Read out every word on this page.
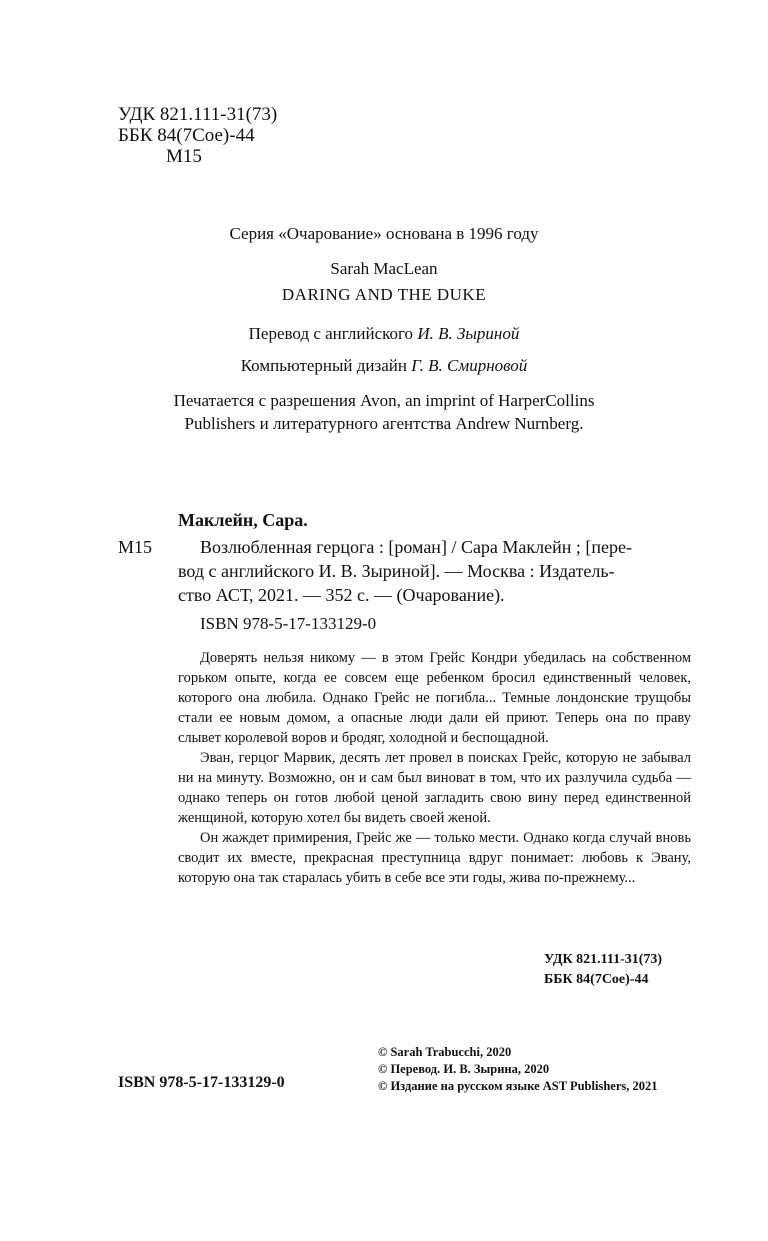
УДК 821.111-31(73)
ББК 84(7Сое)-44
М15
Серия «Очарование» основана в 1996 году
Sarah MacLean
DARING AND THE DUKE
Перевод с английского И. В. Зыриной
Компьютерный дизайн Г. В. Смирновой
Печатается с разрешения Avon, an imprint of HarperCollins
Publishers и литературного агентства Andrew Nurnberg.
Маклейн, Сара.
М15	Возлюбленная герцога : [роман] / Сара Маклейн ; [пере-
вод с английского И. В. Зыриной]. — Москва : Издатель-
ство АСТ, 2021. — 352 с. — (Очарование).
ISBN 978-5-17-133129-0

Доверять нельзя никому — в этом Грейс Кондри убедилась на собственном горьком опыте, когда ее совсем еще ребенком бросил единственный человек, которого она любила. Однако Грейс не погибла... Темные лондонские трущобы стали ее новым домом, а опасные люди дали ей приют. Теперь она по праву слывет королевой воров и бродяг, холодной и беспощадной.

Эван, герцог Марвик, десять лет провел в поисках Грейс, которую не забывал ни на минуту. Возможно, он и сам был виноват в том, что их разлучила судьба — однако теперь он готов любой ценой загладить свою вину перед единственной женщиной, которую хотел бы видеть своей женой.

Он жаждет примирения, Грейс же — только мести. Однако когда случай вновь сводит их вместе, прекрасная преступница вдруг понимает: любовь к Эвану, которую она так старалась убить в себе все эти годы, жива по-прежнему...

УДК 821.111-31(73)
ББК 84(7Сое)-44
ISBN 978-5-17-133129-0
© Sarah Trabucchi, 2020
© Перевод. И. В. Зырина, 2020
© Издание на русском языке AST Publishers, 2021
